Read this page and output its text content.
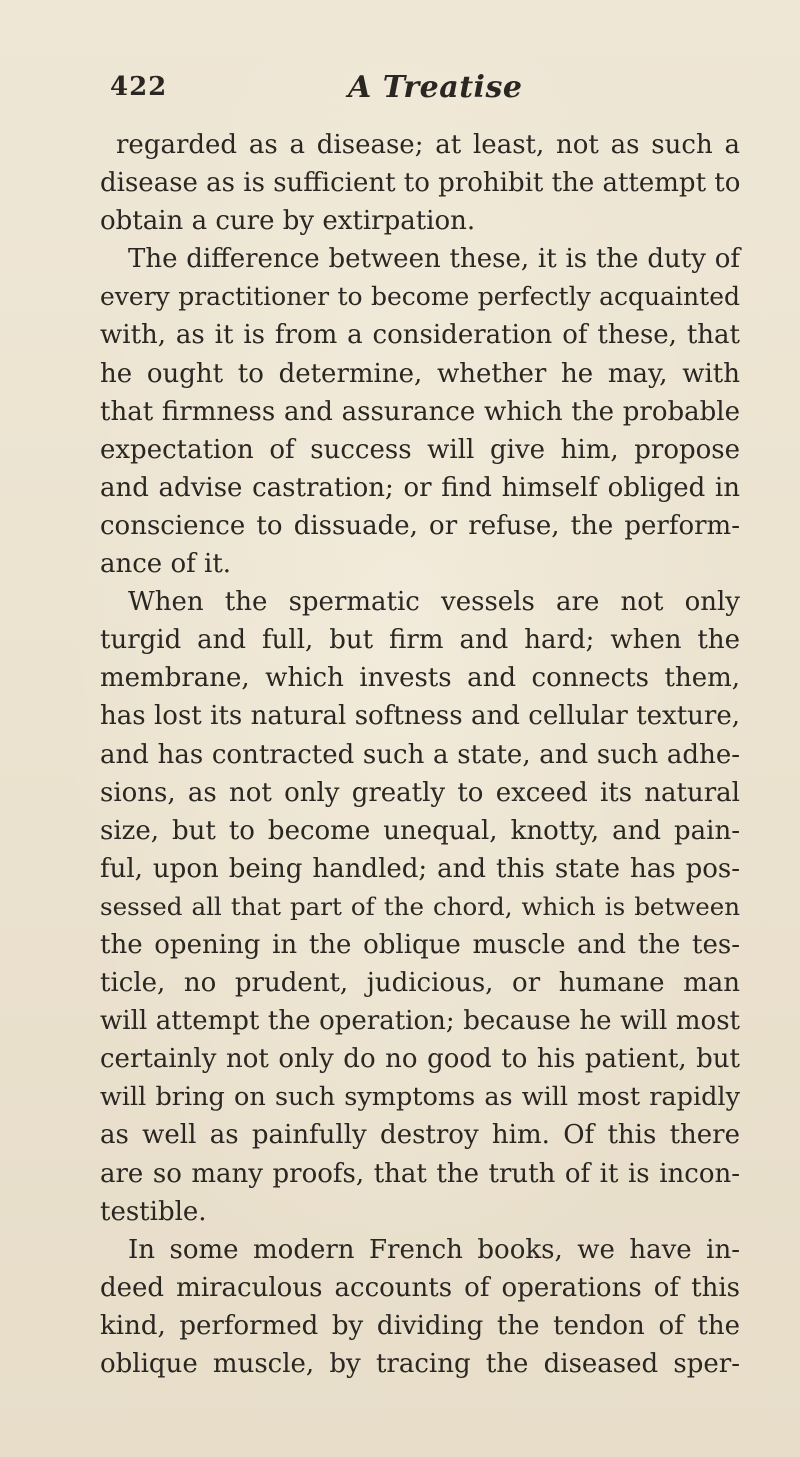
422	A Treatise
regarded as a disease; at least, not as such a
disease as is sufficient to prohibit the attempt to
obtain a cure by extirpation.
The difference between these, it is the duty of
every practitioner to become perfectly acquainted
with, as it is from a consideration of these, that
he ought to determine, whether he may, with
that firmness and assurance which the probable
expectation of success will give him, propose
and advise castration; or find himself obliged in
conscience to dissuade, or refuse, the perform-
ance of it.
When the spermatic vessels are not only
turgid and full, but firm and hard; when the
membrane, which invests and connects them,
has lost its natural softness and cellular texture,
and has contracted such a state, and such adhe-
sions, as not only greatly to exceed its natural
size, but to become unequal, knotty, and pain-
ful, upon being handled; and this state has pos-
sessed all that part of the chord, which is between
the opening in the oblique muscle and the tes-
ticle, no prudent, judicious, or humane man
will attempt the operation; because he will most
certainly not only do no good to his patient, but
will bring on such symptoms as will most rapidly
as well as painfully destroy him. Of this there
are so many proofs, that the truth of it is incon-
testible.
In some modern French books, we have in-
deed miraculous accounts of operations of this
kind, performed by dividing the tendon of the
oblique muscle, by tracing the diseased sper-
